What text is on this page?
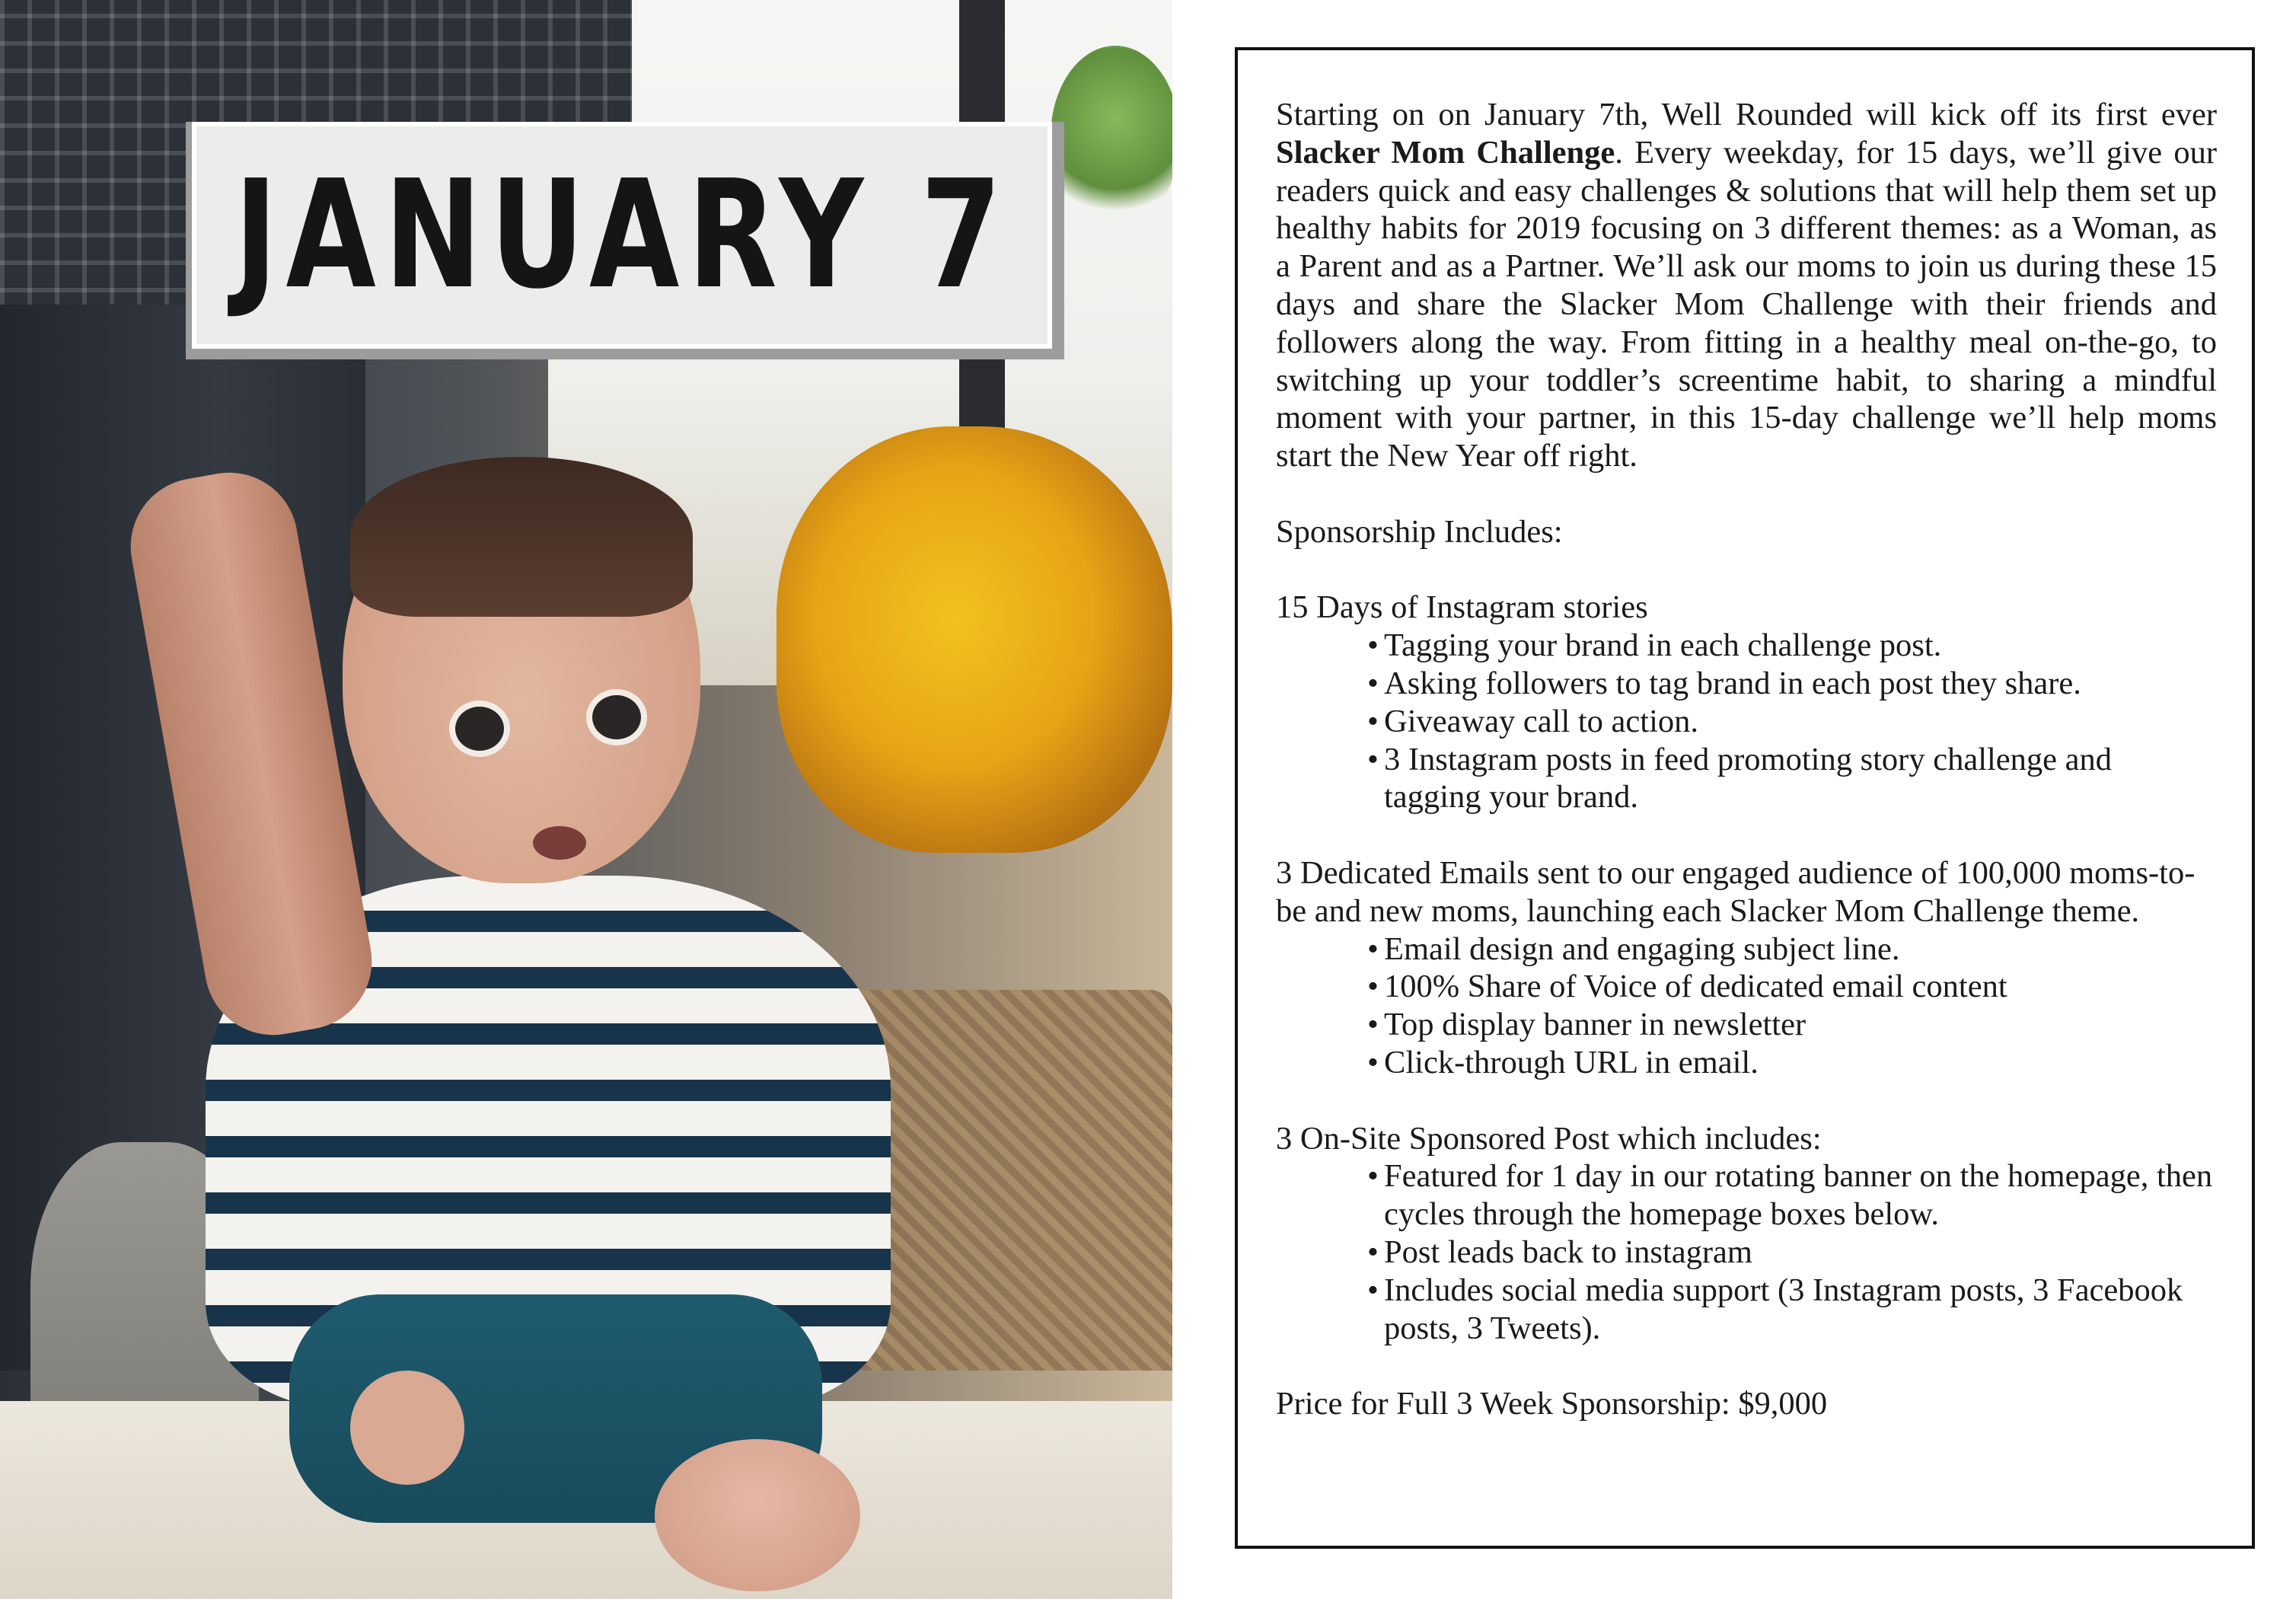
JANUARY 7

Starting on on January 7th, Well Rounded will kick off its first ever Slacker Mom Challenge. Every weekday, for 15 days, we’ll give our readers quick and easy challenges & solutions that will help them set up healthy habits for 2019 focusing on 3 different themes: as a Woman, as a Parent and as a Partner. We’ll ask our moms to join us during these 15 days and share the Slacker Mom Challenge with their friends and followers along the way. From fitting in a healthy meal on-the-go, to switching up your toddler’s screentime habit, to sharing a mindful moment with your partner, in this 15-day challenge we’ll help moms start the New Year off right.

Sponsorship Includes:

15 Days of Instagram stories

• Tagging your brand in each challenge post.
• Asking followers to tag brand in each post they share.
• Giveaway call to action.
• 3 Instagram posts in feed promoting story challenge and tagging your brand.

3 Dedicated Emails sent to our engaged audience of 100,000 moms-to-be and new moms, launching each Slacker Mom Challenge theme.

• Email design and engaging subject line.
• 100% Share of Voice of dedicated email content
• Top display banner in newsletter
• Click-through URL in email.

3 On-Site Sponsored Post which includes:

• Featured for 1 day in our rotating banner on the homepage, then cycles through the homepage boxes below.
• Post leads back to instagram
• Includes social media support (3 Instagram posts, 3 Facebook posts, 3 Tweets).

Price for Full 3 Week Sponsorship: $9,000
